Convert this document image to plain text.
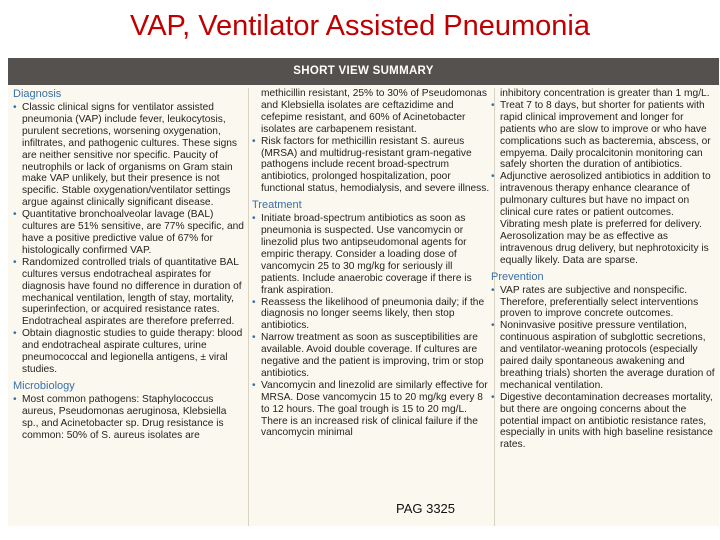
VAP, Ventilator Assisted Pneumonia
SHORT VIEW SUMMARY
Diagnosis
• Classic clinical signs for ventilator assisted pneumonia (VAP) include fever, leukocytosis, purulent secretions, worsening oxygenation, infiltrates, and pathogenic cultures. These signs are neither sensitive nor specific. Paucity of neutrophils or lack of organisms on Gram stain make VAP unlikely, but their presence is not specific. Stable oxygenation/ventilator settings argue against clinically significant disease.
• Quantitative bronchoalveolar lavage (BAL) cultures are 51% sensitive, are 77% specific, and have a positive predictive value of 67% for histologically confirmed VAP.
• Randomized controlled trials of quantitative BAL cultures versus endotracheal aspirates for diagnosis have found no difference in duration of mechanical ventilation, length of stay, mortality, superinfection, or acquired resistance rates. Endotracheal aspirates are therefore preferred.
• Obtain diagnostic studies to guide therapy: blood and endotracheal aspirate cultures, urine pneumococcal and legionella antigens, ± viral studies.
Microbiology
• Most common pathogens: Staphylococcus aureus, Pseudomonas aeruginosa, Klebsiella sp., and Acinetobacter sp. Drug resistance is common: 50% of S. aureus isolates are
methicillin resistant, 25% to 30% of Pseudomonas and Klebsiella isolates are ceftazidime and cefepime resistant, and 60% of Acinetobacter isolates are carbapenem resistant.
• Risk factors for methicillin resistant S. aureus (MRSA) and multidrug-resistant gram-negative pathogens include recent broad-spectrum antibiotics, prolonged hospitalization, poor functional status, hemodialysis, and severe illness.
Treatment
• Initiate broad-spectrum antibiotics as soon as pneumonia is suspected. Use vancomycin or linezolid plus two antipseudomonal agents for empiric therapy. Consider a loading dose of vancomycin 25 to 30 mg/kg for seriously ill patients. Include anaerobic coverage if there is frank aspiration.
• Reassess the likelihood of pneumonia daily; if the diagnosis no longer seems likely, then stop antibiotics.
• Narrow treatment as soon as susceptibilities are available. Avoid double coverage. If cultures are negative and the patient is improving, trim or stop antibiotics.
• Vancomycin and linezolid are similarly effective for MRSA. Dose vancomycin 15 to 20 mg/kg every 8 to 12 hours. The goal trough is 15 to 20 mg/L. There is an increased risk of clinical failure if the vancomycin minimal
inhibitory concentration is greater than 1 mg/L.
• Treat 7 to 8 days, but shorter for patients with rapid clinical improvement and longer for patients who are slow to improve or who have complications such as bacteremia, abscess, or empyema. Daily procalcitonin monitoring can safely shorten the duration of antibiotics.
• Adjunctive aerosolized antibiotics in addition to intravenous therapy enhance clearance of pulmonary cultures but have no impact on clinical cure rates or patient outcomes. Vibrating mesh plate is preferred for delivery. Aerosolization may be as effective as intravenous drug delivery, but nephrotoxicity is equally likely. Data are sparse.
Prevention
• VAP rates are subjective and nonspecific. Therefore, preferentially select interventions proven to improve concrete outcomes.
• Noninvasive positive pressure ventilation, continuous aspiration of subglottic secretions, and ventilator-weaning protocols (especially paired daily spontaneous awakening and breathing trials) shorten the average duration of mechanical ventilation.
• Digestive decontamination decreases mortality, but there are ongoing concerns about the potential impact on antibiotic resistance rates, especially in units with high baseline resistance rates.
PAG 3325
